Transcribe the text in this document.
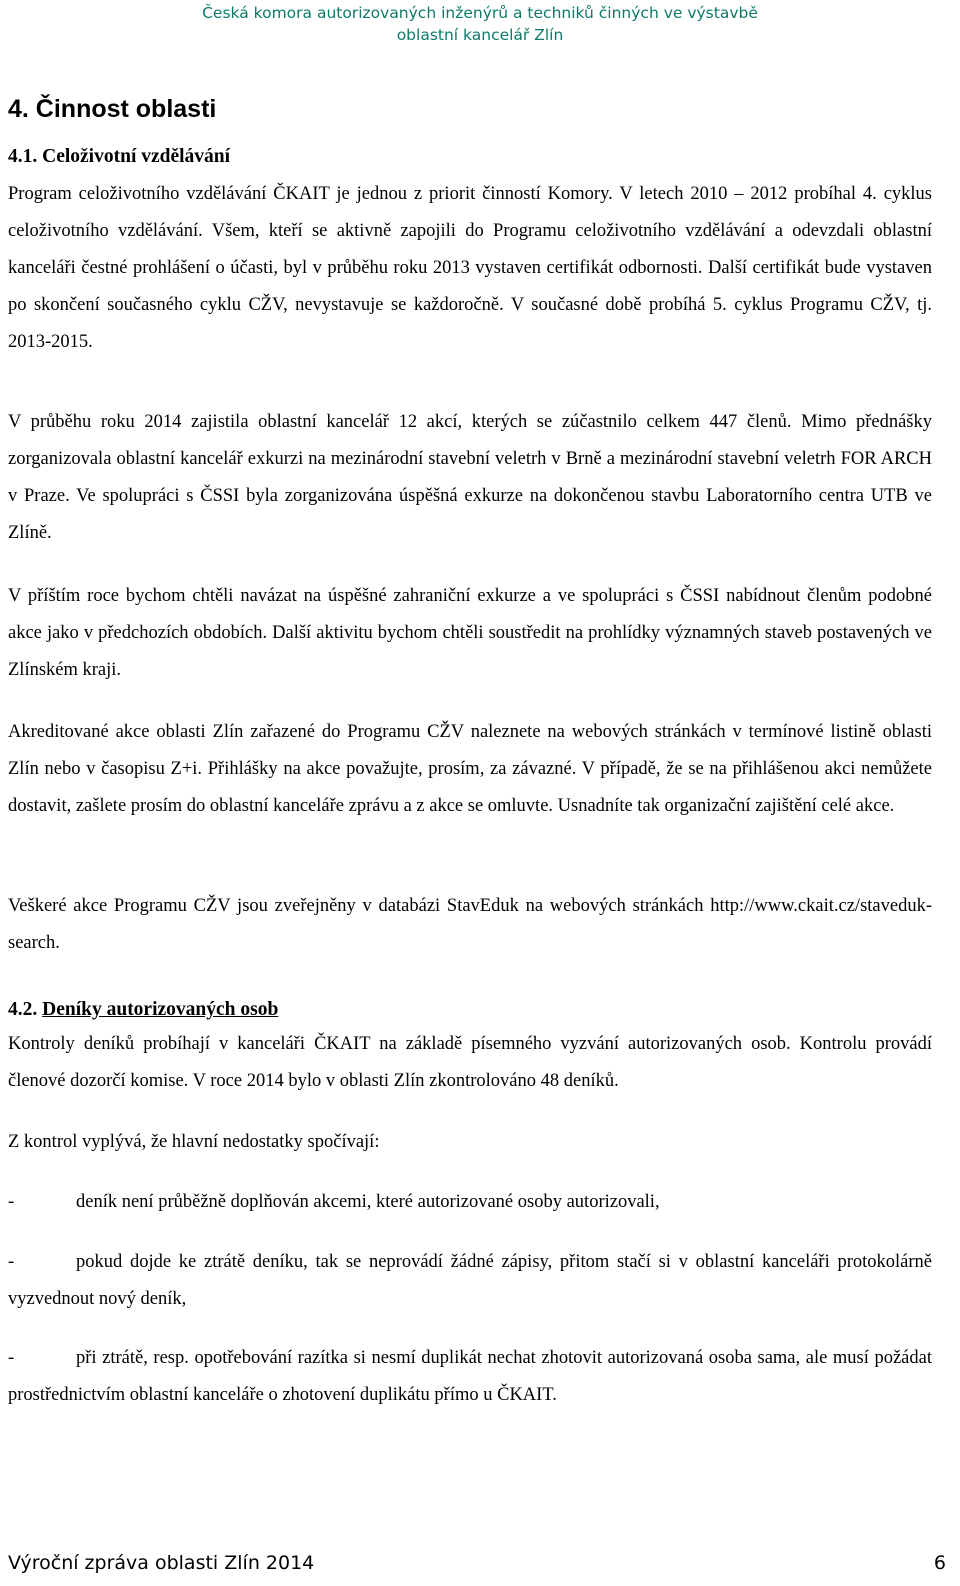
Česká komora autorizovaných inženýrů a techniků činných ve výstavbě
oblastní kancelář Zlín
4. Činnost oblasti
4.1. Celoživotní vzdělávání
Program celoživotního vzdělávání ČKAIT je jednou z priorit činností Komory. V letech 2010 – 2012 probíhal 4. cyklus celoživotního vzdělávání. Všem, kteří se aktivně zapojili do Programu celoživotního vzdělávání a odevzdali oblastní kanceláři čestné prohlášení o účasti, byl v průběhu roku 2013 vystaven certifikát odbornosti. Další certifikát bude vystaven po skončení současného cyklu CŽV, nevystavuje se každoročně. V současné době probíhá 5. cyklus Programu CŽV, tj. 2013-2015.
V průběhu roku 2014 zajistila oblastní kancelář 12 akcí, kterých se zúčastnilo celkem 447 členů. Mimo přednášky zorganizovala oblastní kancelář exkurzi na mezinárodní stavební veletrh v Brně a mezinárodní stavební veletrh FOR ARCH v Praze. Ve spolupráci s ČSSI byla zorganizována úspěšná exkurze na dokončenou stavbu Laboratorního centra UTB ve Zlíně.
V příštím roce bychom chtěli navázat na úspěšné zahraniční exkurze a ve spolupráci s ČSSI nabídnout členům podobné akce jako v předchozích obdobích. Další aktivitu bychom chtěli soustředit na prohlídky významných staveb postavených ve Zlínském kraji.
Akreditované akce oblasti Zlín zařazené do Programu CŽV naleznete na webových stránkách v termínové listině oblasti Zlín nebo v časopisu Z+i. Přihlášky na akce považujte, prosím, za závazné. V případě, že se na přihlášenou akci nemůžete dostavit, zašlete prosím do oblastní kanceláře zprávu a z akce se omluvte. Usnadníte tak organizační zajištění celé akce.
Veškeré akce Programu CŽV jsou zveřejněny v databázi StavEduk na webových stránkách http://www.ckait.cz/staveduk-search.
4.2. Deníky autorizovaných osob
Kontroly deníků probíhají v kanceláři ČKAIT na základě písemného vyzvání autorizovaných osob. Kontrolu provádí členové dozorčí komise. V roce 2014 bylo v oblasti Zlín zkontrolováno 48 deníků.
Z kontrol vyplývá, že hlavní nedostatky spočívají:
-	deník není průběžně doplňován akcemi, které autorizované osoby autorizovali,
-	pokud dojde ke ztrátě deníku, tak se neprovádí žádné zápisy, přitom stačí si v oblastní kanceláři protokolárně vyzvednout nový deník,
-	při ztrátě, resp. opotřebování razítka si nesmí duplikát nechat zhotovit autorizovaná osoba sama, ale musí požádat prostřednictvím oblastní kanceláře o zhotovení duplikátu přímo u ČKAIT.
Výroční zpráva oblasti Zlín 2014	6
